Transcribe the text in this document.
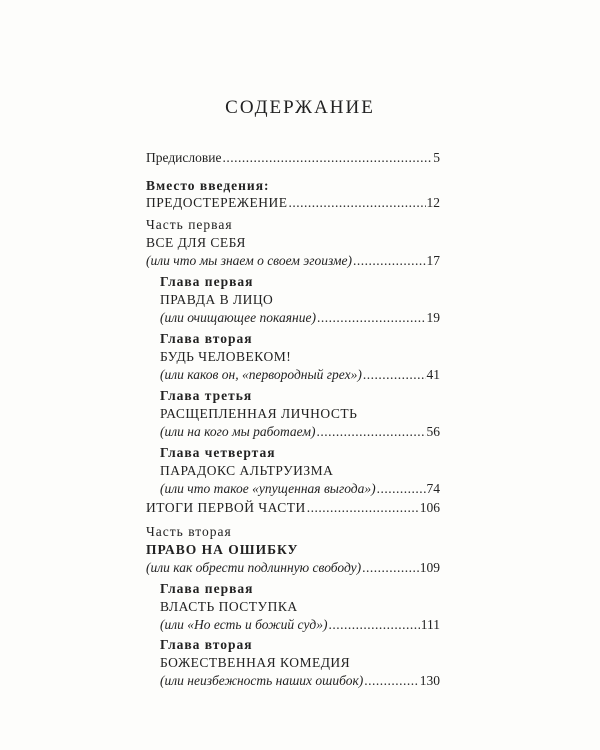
СОДЕРЖАНИЕ
Предисловие .....	5
Вместо введения:
ПРЕДОСТЕРЕЖЕНИЕ .....	12
Часть первая
ВСЕ ДЛЯ СЕБЯ
(или что мы знаем о своем эгоизме) .....	17
Глава первая
ПРАВДА В ЛИЦО
(или очищающее покаяние) .....	19
Глава вторая
БУДЬ ЧЕЛОВЕКОМ!
(или каков он, «первородный грех») .....	41
Глава третья
РАСЩЕПЛЕННАЯ ЛИЧНОСТЬ
(или на кого мы работаем) .....	56
Глава четвертая
ПАРАДОКС АЛЬТРУИЗМА
(или что такое «упущенная выгода») .....	74
ИТОГИ ПЕРВОЙ ЧАСТИ .....	106
Часть вторая
ПРАВО НА ОШИБКУ
(или как обрести подлинную свободу) .....	109
Глава первая
ВЛАСТЬ ПОСТУПКА
(или «Но есть и божий суд») .....	111
Глава вторая
БОЖЕСТВЕННАЯ КОМЕДИЯ
(или неизбежность наших ошибок) .....	130
